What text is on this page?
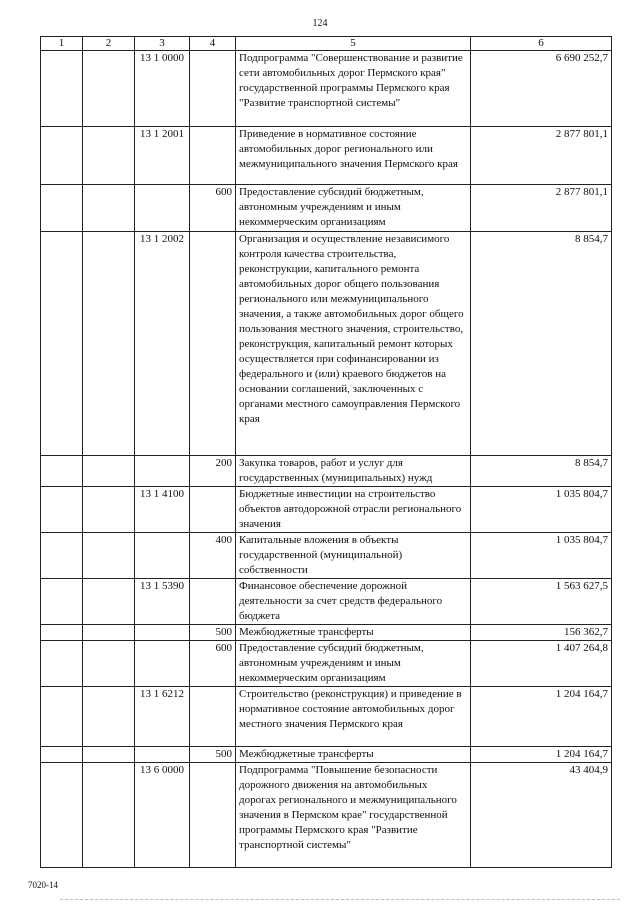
124
1	2	3	4	5	6
		13 1 0000		Подпрограмма "Совершенствование и развитие сети автомобильных дорог Пермского края" государственной программы Пермского края "Развитие транспортной системы"	6 690 252,7
		13 1 2001		Приведение в нормативное состояние автомобильных дорог регионального или межмуниципального значения Пермского края	2 877 801,1
			600	Предоставление субсидий бюджетным, автономным учреждениям и иным некоммерческим организациям	2 877 801,1
		13 1 2002		Организация и осуществление независимого контроля качества строительства, реконструкции, капитального ремонта автомобильных дорог общего пользования регионального или межмуниципального значения, а также автомобильных дорог общего пользования местного значения, строительство, реконструкция, капитальный ремонт которых осуществляется при софинансировании из федерального и (или) краевого бюджетов на основании соглашений, заключенных с органами местного самоуправления Пермского края	8 854,7
			200	Закупка товаров, работ и услуг для государственных (муниципальных) нужд	8 854,7
		13 1 4100		Бюджетные инвестиции на строительство объектов автодорожной отрасли регионального значения	1 035 804,7
			400	Капитальные вложения в объекты государственной (муниципальной) собственности	1 035 804,7
		13 1 5390		Финансовое обеспечение дорожной деятельности за счет средств федерального бюджета	1 563 627,5
			500	Межбюджетные трансферты	156 362,7
			600	Предоставление субсидий бюджетным, автономным учреждениям и иным некоммерческим организациям	1 407 264,8
		13 1 6212		Строительство (реконструкция) и приведение в нормативное состояние автомобильных дорог местного значения Пермского края	1 204 164,7
			500	Межбюджетные трансферты	1 204 164,7
		13 6 0000		Подпрограмма "Повышение безопасности дорожного движения на автомобильных дорогах регионального и межмуниципального значения в Пермском крае" государственной программы Пермского края "Развитие транспортной системы"	43 404,9
7020-14
